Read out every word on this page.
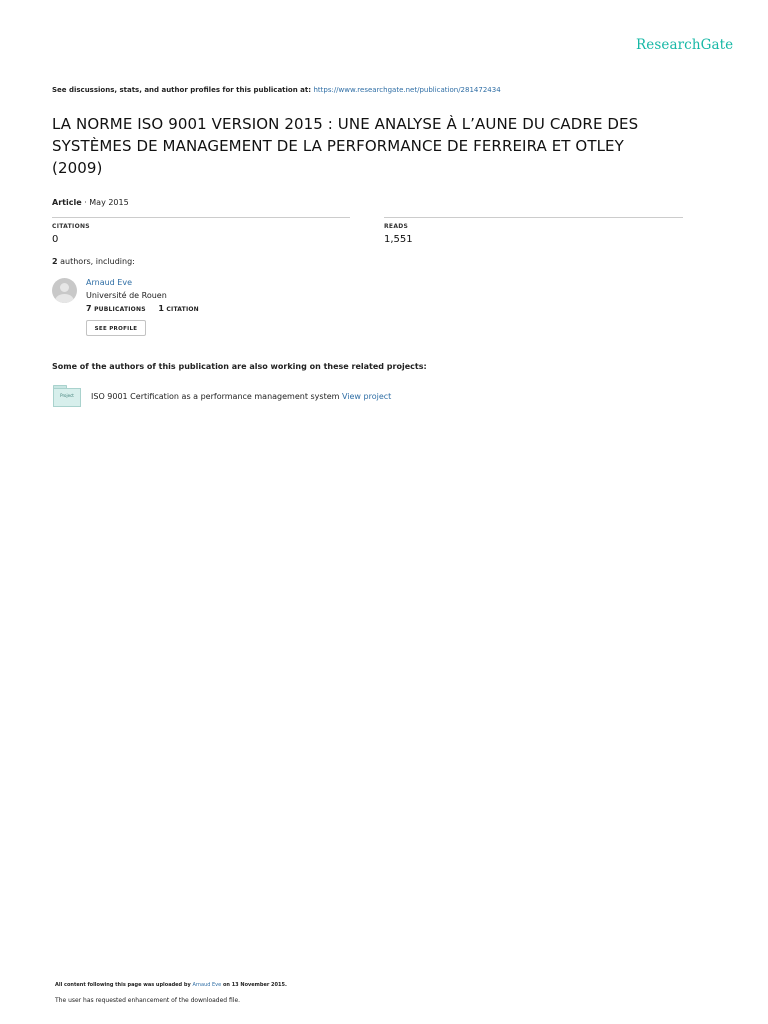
ResearchGate
See discussions, stats, and author profiles for this publication at: https://www.researchgate.net/publication/281472434
LA NORME ISO 9001 VERSION 2015 : UNE ANALYSE À L’AUNE DU CADRE DES
SYSTÈMES DE MANAGEMENT DE LA PERFORMANCE DE FERREIRA ET OTLEY
(2009)
Article · May 2015
CITATIONS
0
READS
1,551
2 authors, including:
Arnaud Eve
Université de Rouen
7 PUBLICATIONS 1 CITATION
SEE PROFILE
Some of the authors of this publication are also working on these related projects:
Project	ISO 9001 Certification as a performance management system View project
All content following this page was uploaded by Arnaud Eve on 13 November 2015.
The user has requested enhancement of the downloaded file.
